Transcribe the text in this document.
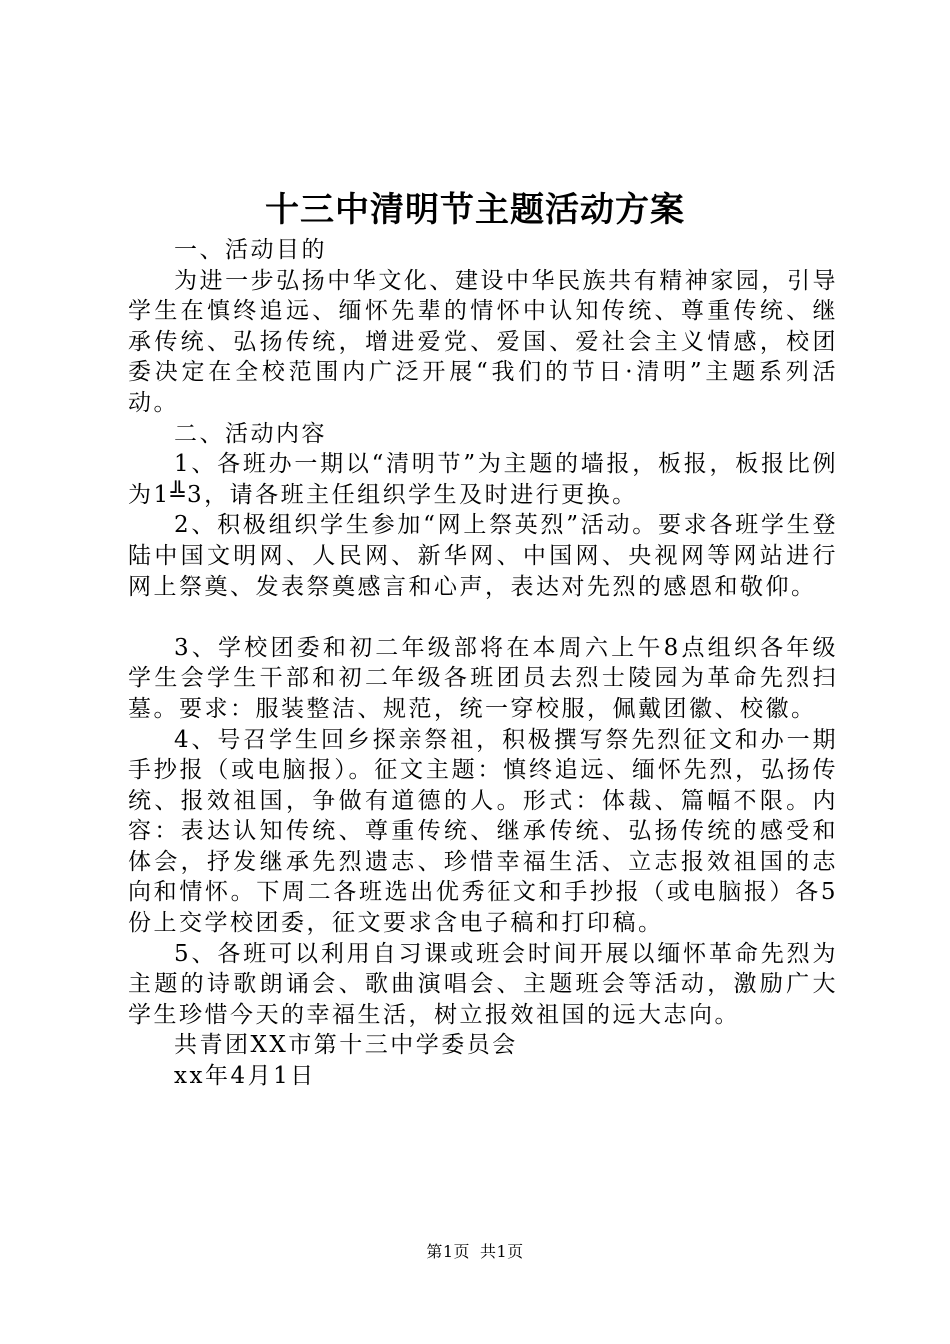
十三中清明节主题活动方案

一、活动目的

为进一步弘扬中华文化、建设中华民族共有精神家园，引导学生在慎终追远、缅怀先辈的情怀中认知传统、尊重传统、继承传统、弘扬传统，增进爱党、爱国、爱社会主义情感，校团委决定在全校范围内广泛开展“我们的节日·清明”主题系列活动。

二、活动内容

1、各班办一期以“清明节”为主题的墙报，板报，板报比例为1╩3，请各班主任组织学生及时进行更换。

2、积极组织学生参加“网上祭英烈”活动。要求各班学生登陆中国文明网、人民网、新华网、中国网、央视网等网站进行网上祭奠、发表祭奠感言和心声，表达对先烈的感恩和敬仰。

3、学校团委和初二年级部将在本周六上午8点组织各年级学生会学生干部和初二年级各班团员去烈士陵园为革命先烈扫墓。要求：服装整洁、规范，统一穿校服，佩戴团徽、校徽。

4、号召学生回乡探亲祭祖，积极撰写祭先烈征文和办一期手抄报（或电脑报）。征文主题：慎终追远、缅怀先烈，弘扬传统、报效祖国，争做有道德的人。形式：体裁、篇幅不限。内容：表达认知传统、尊重传统、继承传统、弘扬传统的感受和体会，抒发继承先烈遗志、珍惜幸福生活、立志报效祖国的志向和情怀。下周二各班选出优秀征文和手抄报（或电脑报）各5份上交学校团委，征文要求含电子稿和打印稿。

5、各班可以利用自习课或班会时间开展以缅怀革命先烈为主题的诗歌朗诵会、歌曲演唱会、主题班会等活动，激励广大学生珍惜今天的幸福生活，树立报效祖国的远大志向。

共青团XX市第十三中学委员会

xx年4月1日

第1页 共1页
